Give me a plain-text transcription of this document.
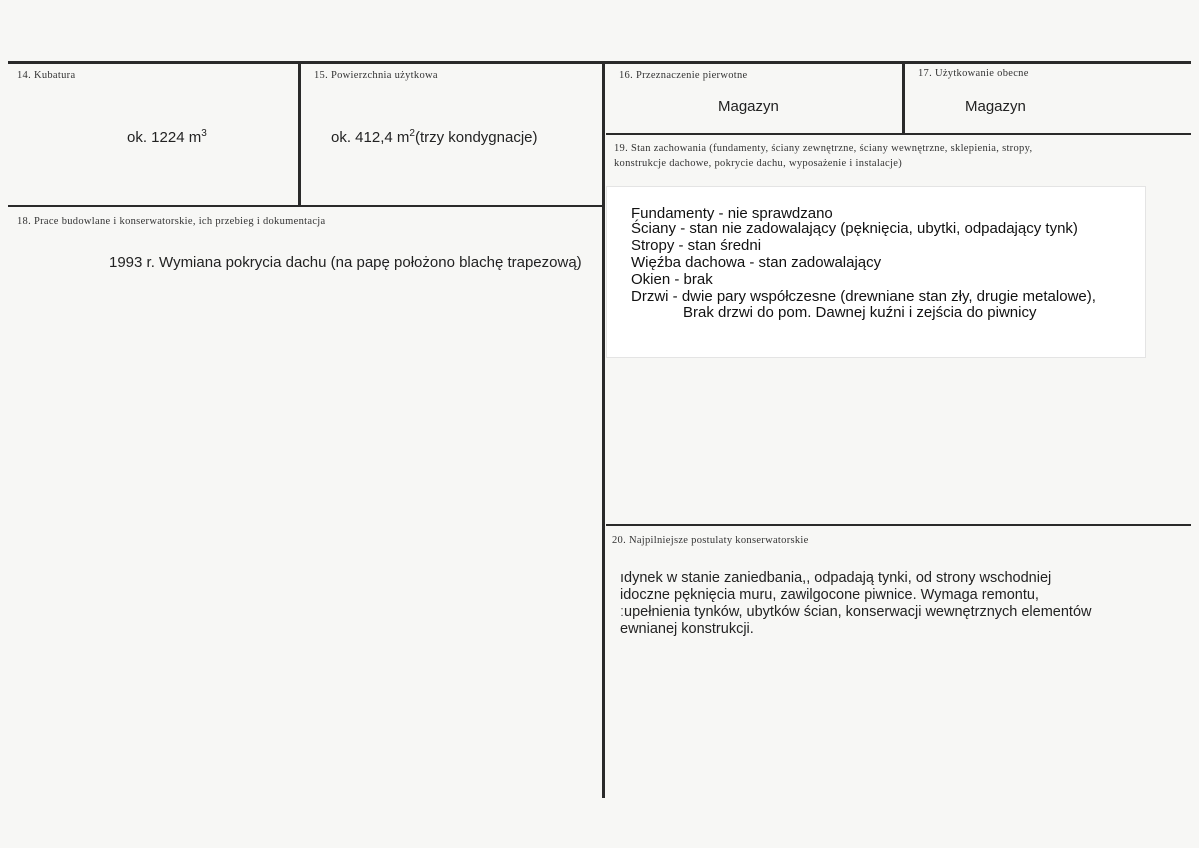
14. Kubatura
ok. 1224 $m^3$
15. Powierzchnia użytkowa
ok. 412,4 $m^2(trzy$ kondygnacje)
16. Przeznaczenie pierwotne
Magazyn
17. Użytkowanie obecne
Magazyn
18. Prace budowlane i konserwatorskie, ich przebieg i dokumentacja
1993 r. Wymiana pokrycia dachu (na papę położono blachę trapezową)
19. Stan zachowania (fundamenty, ściany zewnętrzne, ściany wewnętrzne, sklepienia, stropy,
konstrukcje dachowe, pokrycie dachu, wyposażenie i instalacje)
Fundamenty - nie sprawdzano
Ściany - stan nie zadowalający (pęknięcia, ubytki, odpadający tynk)
Stropy - stan średni
Więźba dachowa - stan zadowalający
Okien - brak
Drzwi - dwie pary współczesne (drewniane stan zły, drugie metalowe),
Brak drzwi do pom. Dawnej kuźni i zejścia do piwnicy
20. Najpilniejsze postulaty konserwatorskie
ıdynek w stanie zaniedbania,, odpadają tynki, od strony wschodniej
idoczne pęknięcia muru, zawilgocone piwnice. Wymaga remontu,
ːupełnienia tynków, ubytków ścian, konserwacji wewnętrznych elementów
ewnianej konstrukcji.
